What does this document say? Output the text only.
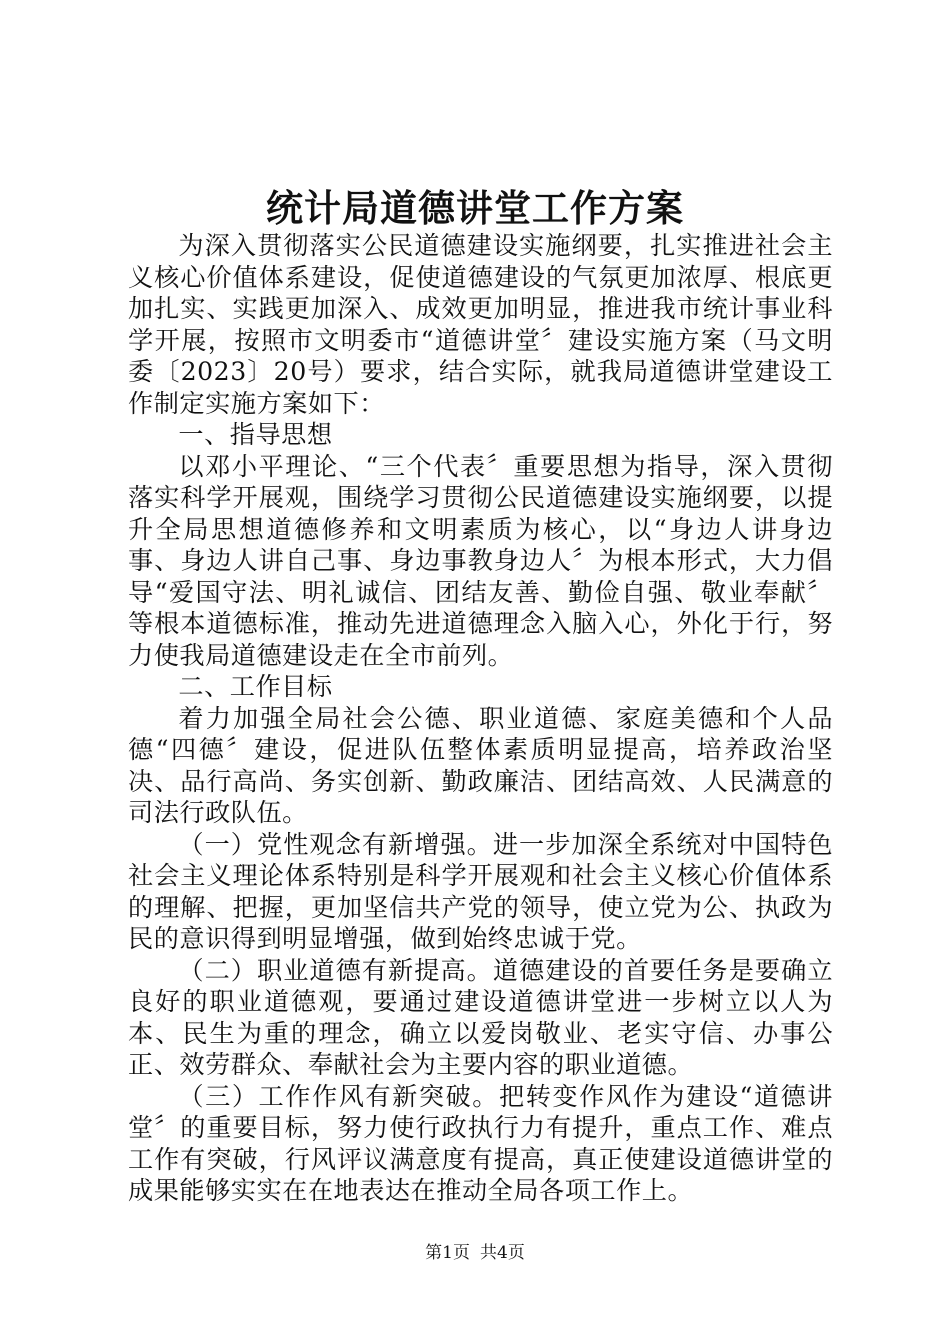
统计局道德讲堂工作方案

为深入贯彻落实公民道德建设实施纲要，扎实推进社会主义核心价值体系建设，促使道德建设的气氛更加浓厚、根底更加扎实、实践更加深入、成效更加明显，推进我市统计事业科学开展，按照市文明委市“道德讲堂〞建设实施方案（马文明委〔2023〕20号）要求，结合实际，就我局道德讲堂建设工作制定实施方案如下：

一、指导思想

以邓小平理论、“三个代表〞重要思想为指导，深入贯彻落实科学开展观，围绕学习贯彻公民道德建设实施纲要，以提升全局思想道德修养和文明素质为核心，以“身边人讲身边事、身边人讲自己事、身边事教身边人〞为根本形式，大力倡导“爱国守法、明礼诚信、团结友善、勤俭自强、敬业奉献〞等根本道德标准，推动先进道德理念入脑入心，外化于行，努力使我局道德建设走在全市前列。

二、工作目标

着力加强全局社会公德、职业道德、家庭美德和个人品德“四德〞建设，促进队伍整体素质明显提高，培养政治坚决、品行高尚、务实创新、勤政廉洁、团结高效、人民满意的司法行政队伍。

（一）党性观念有新增强。进一步加深全系统对中国特色社会主义理论体系特别是科学开展观和社会主义核心价值体系的理解、把握，更加坚信共产党的领导，使立党为公、执政为民的意识得到明显增强，做到始终忠诚于党。

（二）职业道德有新提高。道德建设的首要任务是要确立良好的职业道德观，要通过建设道德讲堂进一步树立以人为本、民生为重的理念，确立以爱岗敬业、老实守信、办事公正、效劳群众、奉献社会为主要内容的职业道德。

（三）工作作风有新突破。把转变作风作为建设“道德讲堂〞的重要目标，努力使行政执行力有提升，重点工作、难点工作有突破，行风评议满意度有提高，真正使建设道德讲堂的成果能够实实在在地表达在推动全局各项工作上。

第1页 共4页
